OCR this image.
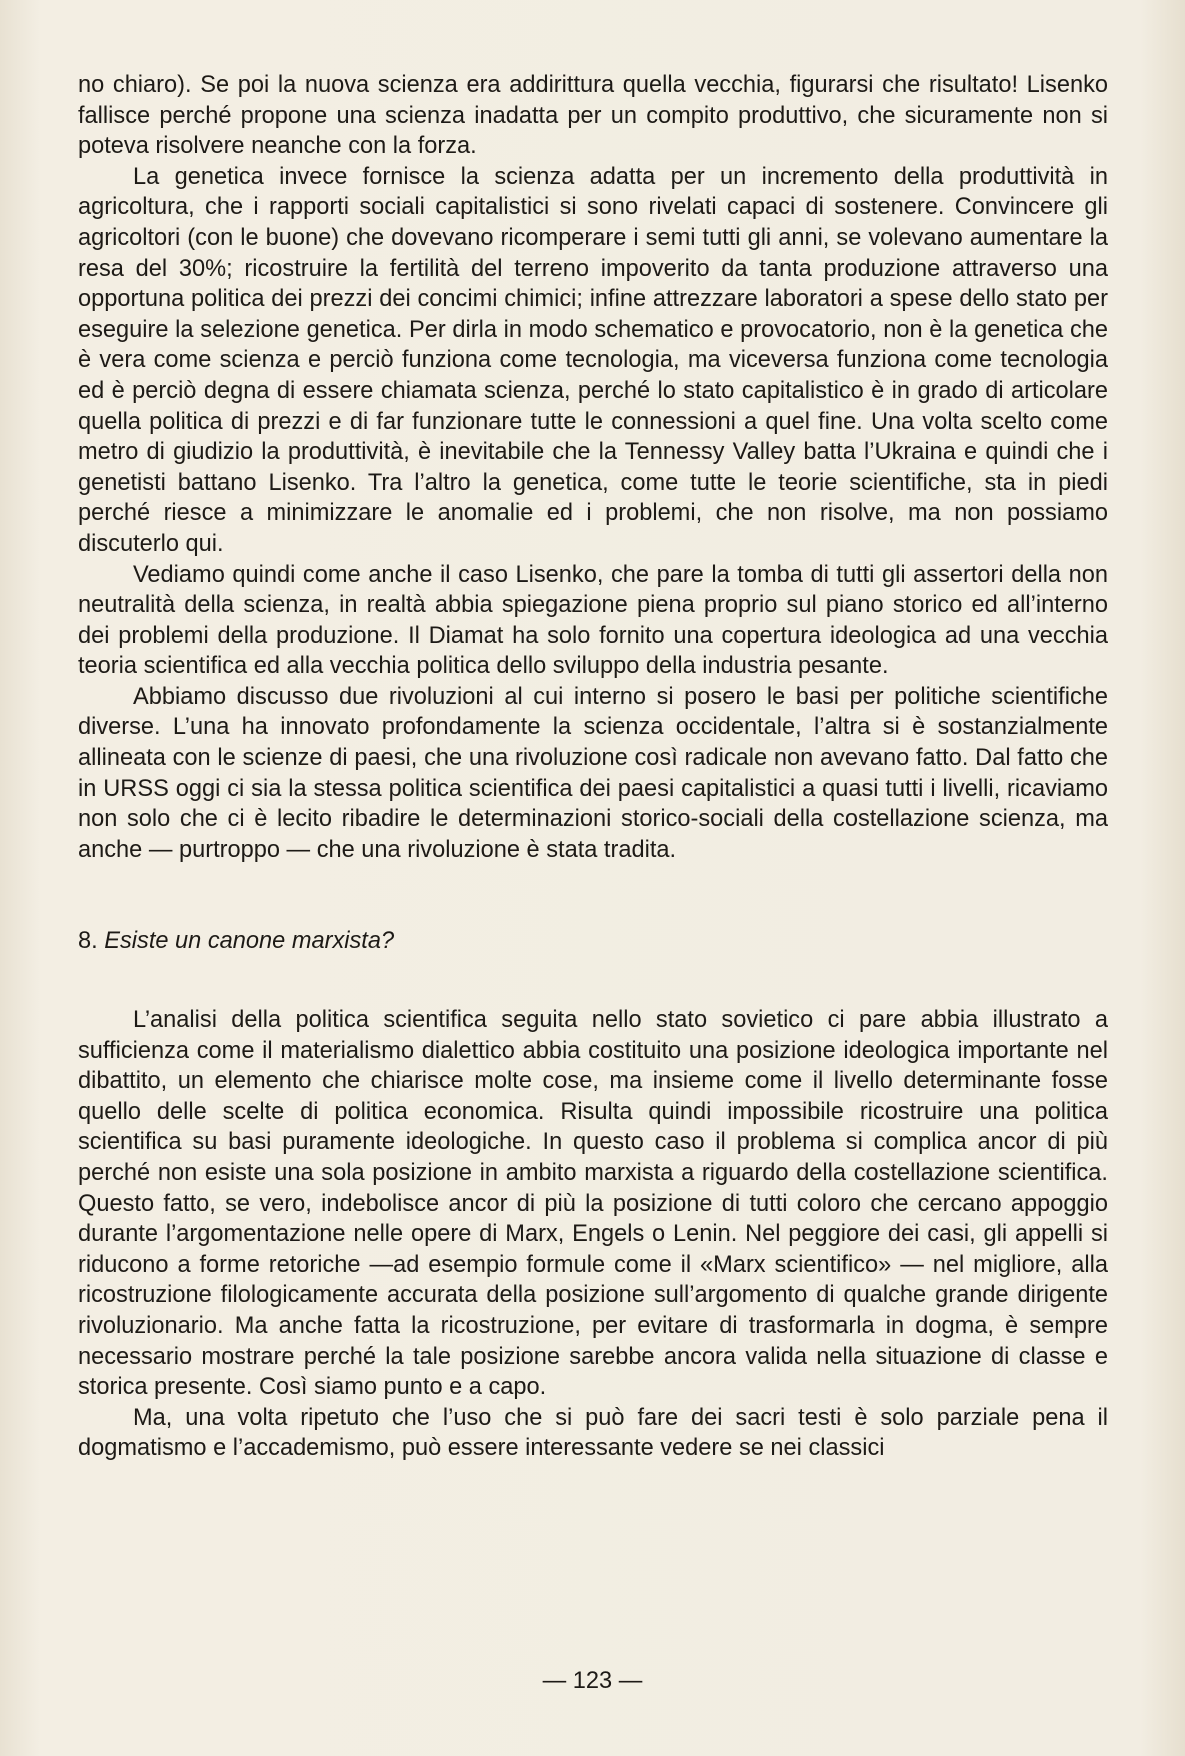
no chiaro). Se poi la nuova scienza era addirittura quella vecchia, figurarsi che risultato! Lisenko fallisce perché propone una scienza inadatta per un compito produttivo, che sicuramente non si poteva risolvere neanche con la forza.

La genetica invece fornisce la scienza adatta per un incremento della produttività in agricoltura, che i rapporti sociali capitalistici si sono rivelati capaci di sostenere. Convincere gli agricoltori (con le buone) che dovevano ricomperare i semi tutti gli anni, se volevano aumentare la resa del 30%; ricostruire la fertilità del terreno impoverito da tanta produzione attraverso una opportuna politica dei prezzi dei concimi chimici; infine attrezzare laboratori a spese dello stato per eseguire la selezione genetica. Per dirla in modo schematico e provocatorio, non è la genetica che è vera come scienza e perciò funziona come tecnologia, ma viceversa funziona come tecnologia ed è perciò degna di essere chiamata scienza, perché lo stato capitalistico è in grado di articolare quella politica di prezzi e di far funzionare tutte le connessioni a quel fine. Una volta scelto come metro di giudizio la produttività, è inevitabile che la Tennessy Valley batta l’Ukraina e quindi che i genetisti battano Lisenko. Tra l’altro la genetica, come tutte le teorie scientifiche, sta in piedi perché riesce a minimizzare le anomalie ed i problemi, che non risolve, ma non possiamo discuterlo qui.

Vediamo quindi come anche il caso Lisenko, che pare la tomba di tutti gli assertori della non neutralità della scienza, in realtà abbia spiegazione piena proprio sul piano storico ed all’interno dei problemi della produzione. Il Diamat ha solo fornito una copertura ideologica ad una vecchia teoria scientifica ed alla vecchia politica dello sviluppo della industria pesante.

Abbiamo discusso due rivoluzioni al cui interno si posero le basi per politiche scientifiche diverse. L’una ha innovato profondamente la scienza occidentale, l’altra si è sostanzialmente allineata con le scienze di paesi, che una rivoluzione così radicale non avevano fatto. Dal fatto che in URSS oggi ci sia la stessa politica scientifica dei paesi capitalistici a quasi tutti i livelli, ricaviamo non solo che ci è lecito ribadire le determinazioni storico-sociali della costellazione scienza, ma anche — purtroppo — che una rivoluzione è stata tradita.

8. Esiste un canone marxista?

L’analisi della politica scientifica seguita nello stato sovietico ci pare abbia illustrato a sufficienza come il materialismo dialettico abbia costituito una posizione ideologica importante nel dibattito, un elemento che chiarisce molte cose, ma insieme come il livello determinante fosse quello delle scelte di politica economica. Risulta quindi impossibile ricostruire una politica scientifica su basi puramente ideologiche. In questo caso il problema si complica ancor di più perché non esiste una sola posizione in ambito marxista a riguardo della costellazione scientifica. Questo fatto, se vero, indebolisce ancor di più la posizione di tutti coloro che cercano appoggio durante l’argomentazione nelle opere di Marx, Engels o Lenin. Nel peggiore dei casi, gli appelli si riducono a forme retoriche —ad esempio formule come il «Marx scientifico» — nel migliore, alla ricostruzione filologicamente accurata della posizione sull’argomento di qualche grande dirigente rivoluzionario. Ma anche fatta la ricostruzione, per evitare di trasformarla in dogma, è sempre necessario mostrare perché la tale posizione sarebbe ancora valida nella situazione di classe e storica presente. Così siamo punto e a capo.

Ma, una volta ripetuto che l’uso che si può fare dei sacri testi è solo parziale pena il dogmatismo e l’accademismo, può essere interessante vedere se nei classici

— 123 —
